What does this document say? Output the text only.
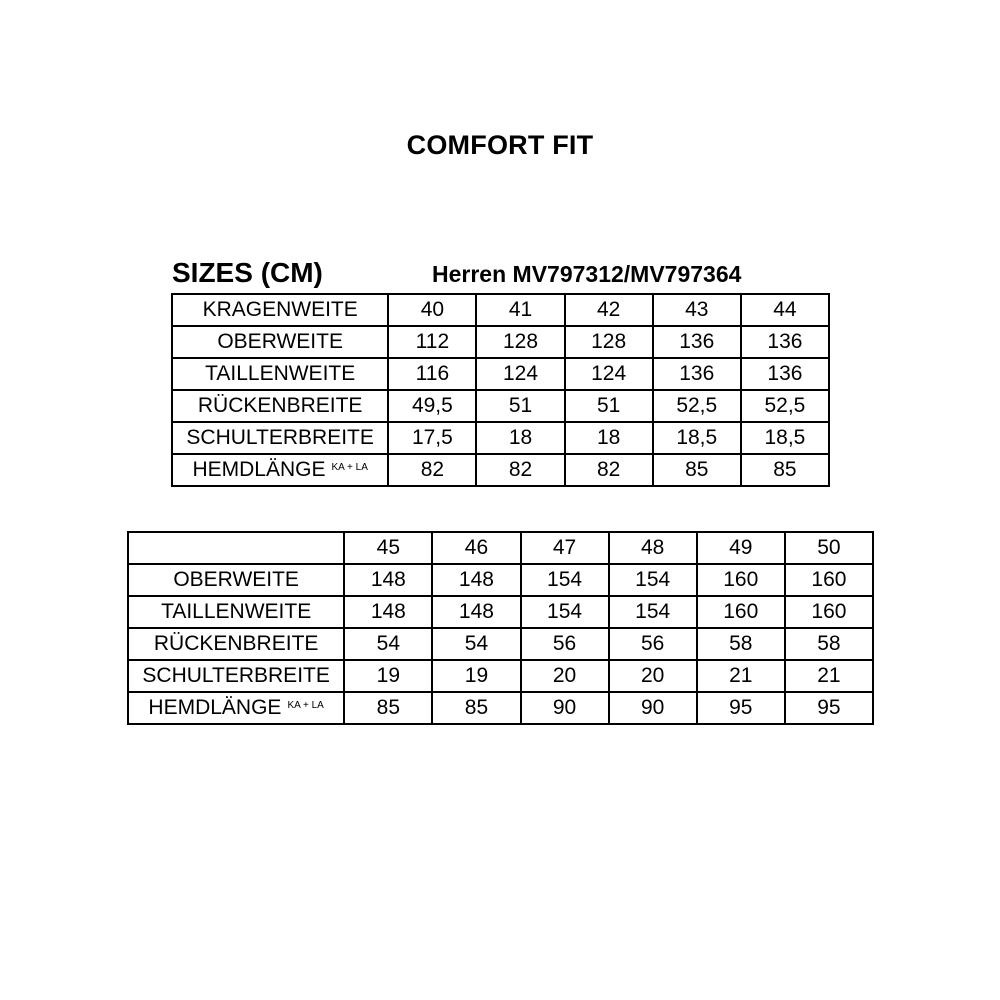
COMFORT FIT
SIZES (CM)	Herren MV797312/MV797364
KRAGENWEITE	40	41	42	43	44
OBERWEITE	112	128	128	136	136
TAILLENWEITE	116	124	124	136	136
RÜCKENBREITE	49,5	51	51	52,5	52,5
SCHULTERBREITE	17,5	18	18	18,5	18,5
HEMDLÄNGE $^{KA + LA}$	82	82	82	85	85
	45	46	47	48	49	50
OBERWEITE	148	148	154	154	160	160
TAILLENWEITE	148	148	154	154	160	160
RÜCKENBREITE	54	54	56	56	58	58
SCHULTERBREITE	19	19	20	20	21	21
HEMDLÄNGE $^{KA + LA}$	85	85	90	90	95	95
